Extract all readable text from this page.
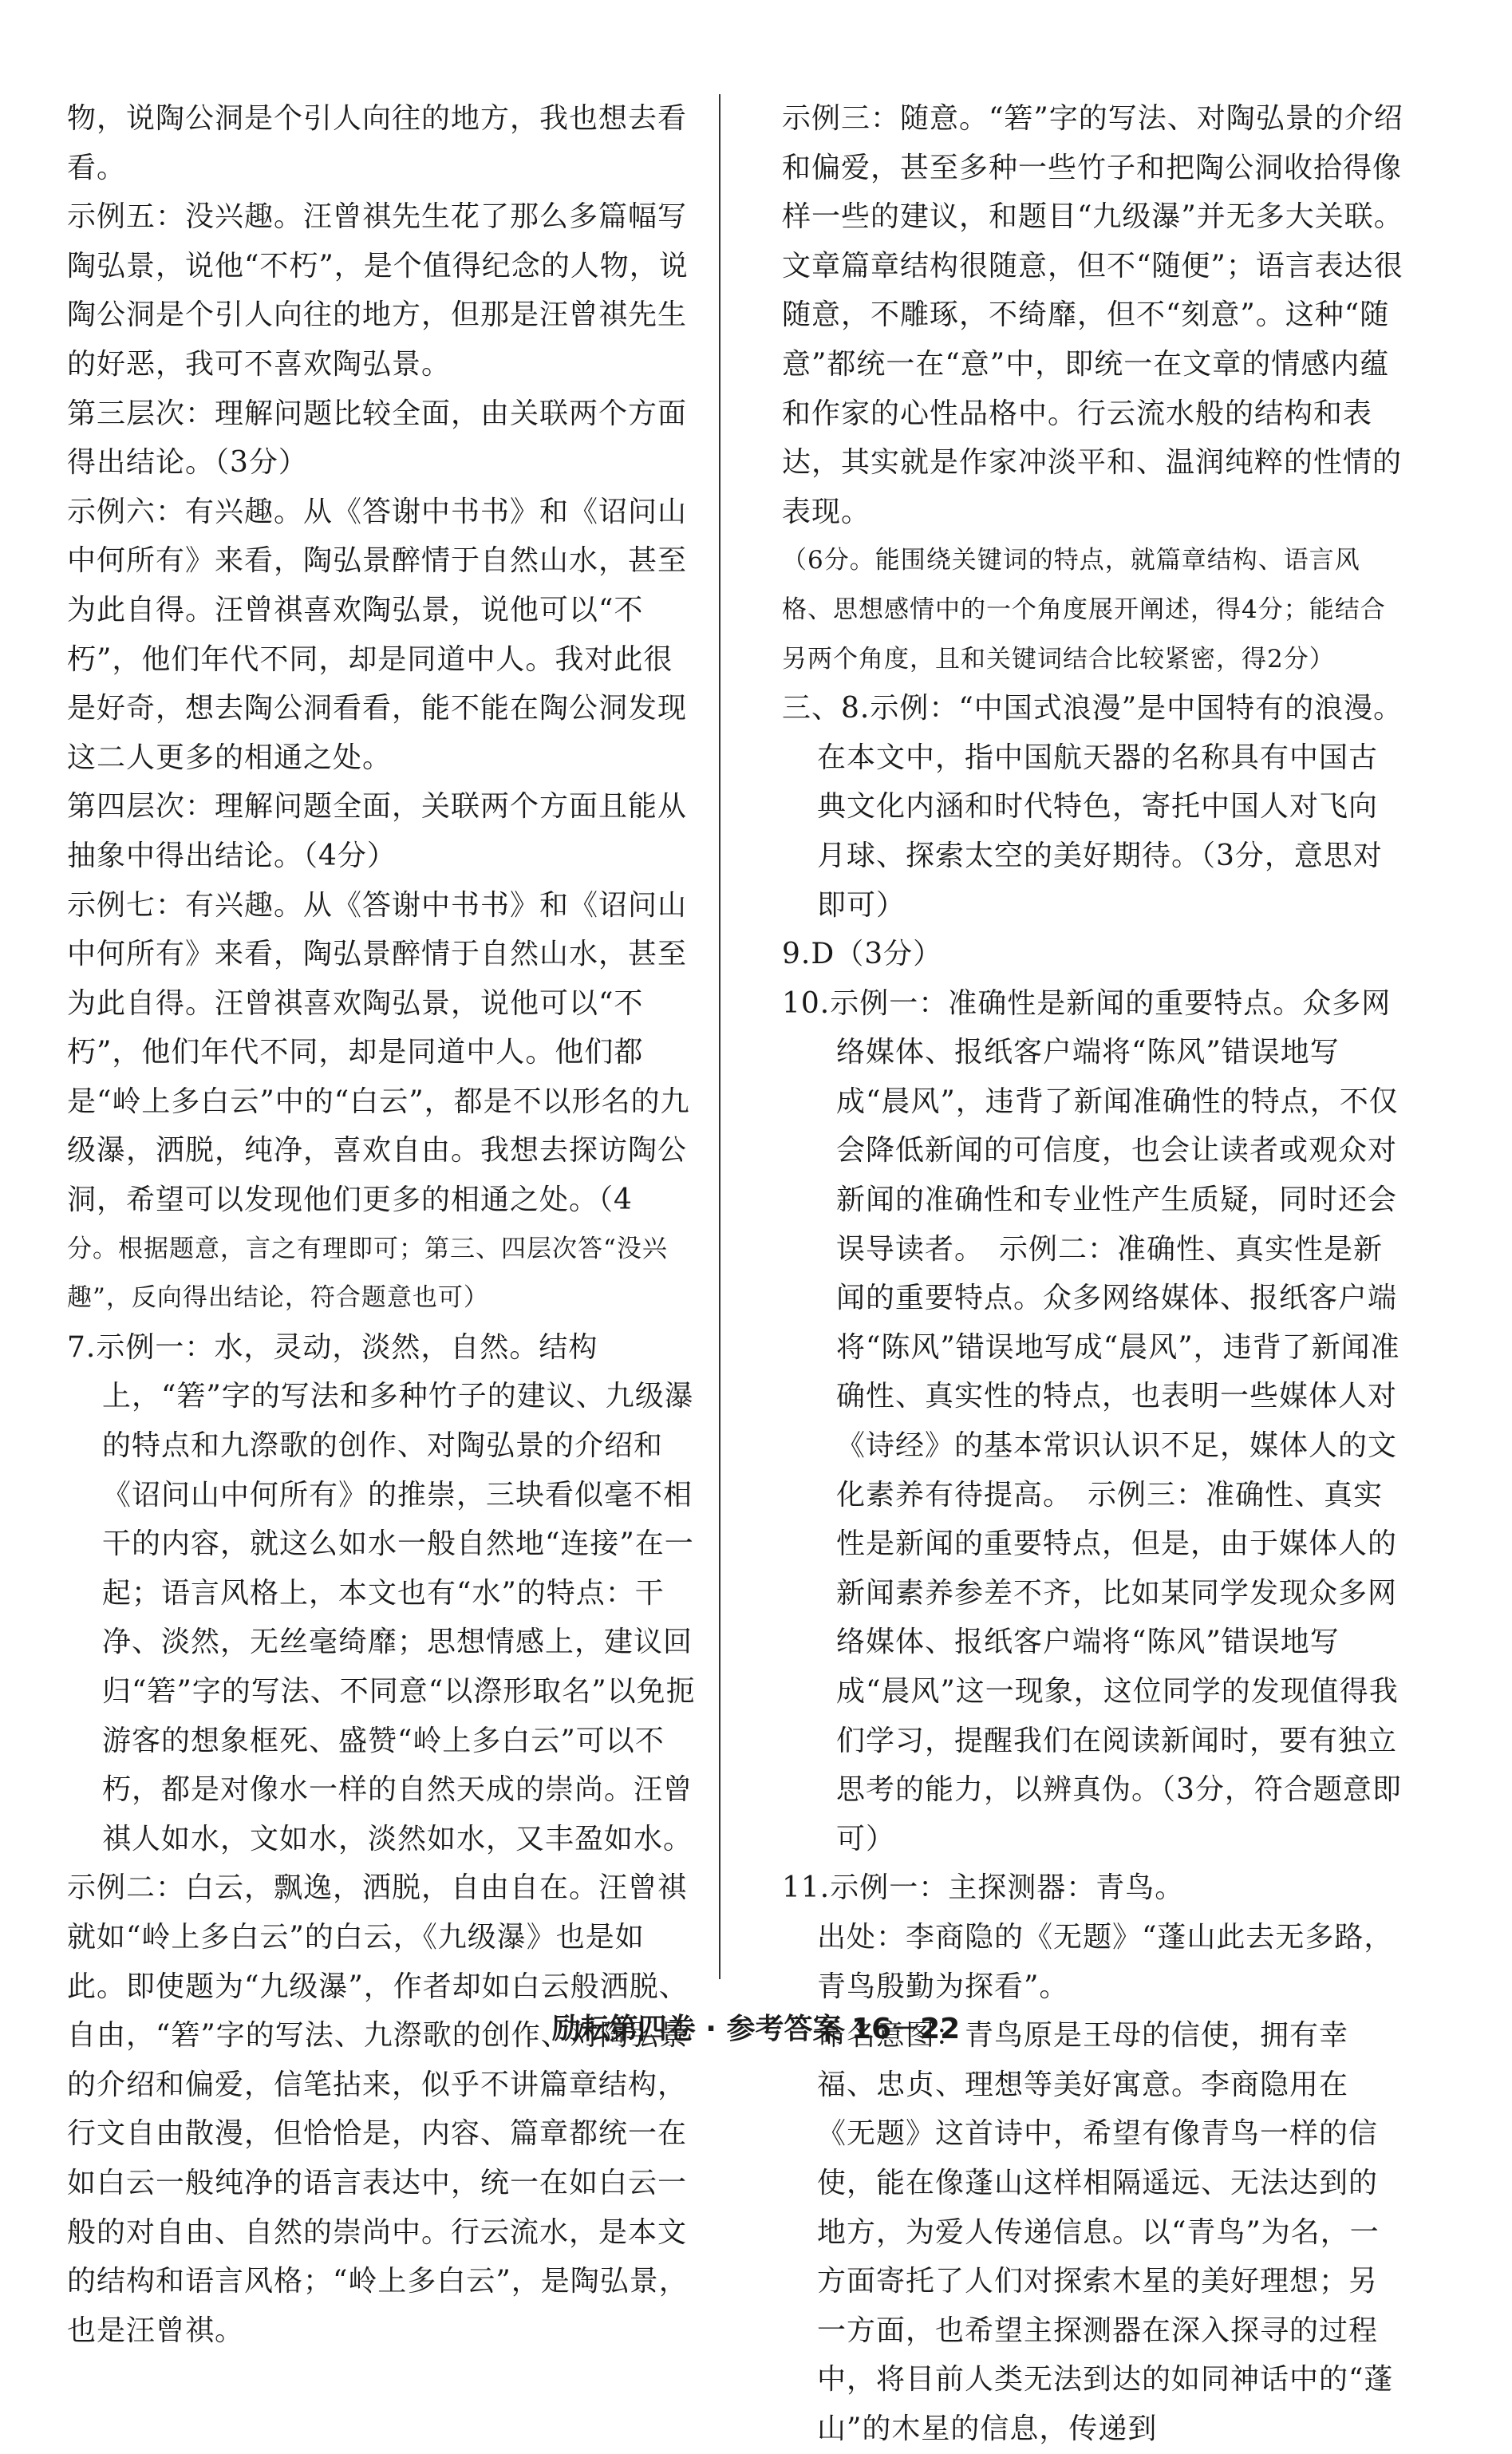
物，说陶公洞是个引人向往的地方，我也想去看看。

示例五：没兴趣。汪曾祺先生花了那么多篇幅写陶弘景，说他“不朽”，是个值得纪念的人物，说陶公洞是个引人向往的地方，但那是汪曾祺先生的好恶，我可不喜欢陶弘景。

第三层次：理解问题比较全面，由关联两个方面得出结论。（3分）

示例六：有兴趣。从《答谢中书书》和《诏问山中何所有》来看，陶弘景醉情于自然山水，甚至为此自得。汪曾祺喜欢陶弘景，说他可以“不朽”，他们年代不同，却是同道中人。我对此很是好奇，想去陶公洞看看，能不能在陶公洞发现这二人更多的相通之处。

第四层次：理解问题全面，关联两个方面且能从抽象中得出结论。（4分）

示例七：有兴趣。从《答谢中书书》和《诏问山中何所有》来看，陶弘景醉情于自然山水，甚至为此自得。汪曾祺喜欢陶弘景，说他可以“不朽”，他们年代不同，却是同道中人。他们都是“岭上多白云”中的“白云”，都是不以形名的九级瀑，洒脱，纯净，喜欢自由。我想去探访陶公洞，希望可以发现他们更多的相通之处。（4

分。根据题意，言之有理即可；第三、四层次答“没兴趣”，反向得出结论，符合题意也可）

7.示例一：水，灵动，淡然，自然。结构上，“箬”字的写法和多种竹子的建议、九级瀑的特点和九漈歌的创作、对陶弘景的介绍和《诏问山中何所有》的推崇，三块看似毫不相干的内容，就这么如水一般自然地“连接”在一起；语言风格上，本文也有“水”的特点：干净、淡然，无丝毫绮靡；思想情感上，建议回归“箬”字的写法、不同意“以漈形取名”以免扼游客的想象框死、盛赞“岭上多白云”可以不朽，都是对像水一样的自然天成的崇尚。汪曾祺人如水，文如水，淡然如水，又丰盈如水。

示例二：白云，飘逸，洒脱，自由自在。汪曾祺就如“岭上多白云”的白云，《九级瀑》也是如此。即使题为“九级瀑”，作者却如白云般洒脱、自由，“箬”字的写法、九漈歌的创作、对陶弘景的介绍和偏爱，信笔拈来，似乎不讲篇章结构，行文自由散漫，但恰恰是，内容、篇章都统一在如白云一般纯净的语言表达中，统一在如白云一般的对自由、自然的崇尚中。行云流水，是本文的结构和语言风格；“岭上多白云”，是陶弘景，也是汪曾祺。

示例三：随意。“箬”字的写法、对陶弘景的介绍和偏爱，甚至多种一些竹子和把陶公洞收拾得像样一些的建议，和题目“九级瀑”并无多大关联。文章篇章结构很随意，但不“随便”；语言表达很随意，不雕琢，不绮靡，但不“刻意”。这种“随意”都统一在“意”中，即统一在文章的情感内蕴和作家的心性品格中。行云流水般的结构和表达，其实就是作家冲淡平和、温润纯粹的性情的表现。

（6分。能围绕关键词的特点，就篇章结构、语言风格、思想感情中的一个角度展开阐述，得4分；能结合另两个角度，且和关键词结合比较紧密，得2分）

三、8.示例：“中国式浪漫”是中国特有的浪漫。在本文中，指中国航天器的名称具有中国古典文化内涵和时代特色，寄托中国人对飞向月球、探索太空的美好期待。（3分，意思对即可）

9.D（3分）

10.示例一：准确性是新闻的重要特点。众多网络媒体、报纸客户端将“陈风”错误地写成“晨风”，违背了新闻准确性的特点，不仅会降低新闻的可信度，也会让读者或观众对新闻的准确性和专业性产生质疑，同时还会误导读者。　示例二：准确性、真实性是新闻的重要特点。众多网络媒体、报纸客户端将“陈风”错误地写成“晨风”，违背了新闻准确性、真实性的特点，也表明一些媒体人对《诗经》的基本常识认识不足，媒体人的文化素养有待提高。　示例三：准确性、真实性是新闻的重要特点，但是，由于媒体人的新闻素养参差不齐，比如某同学发现众多网络媒体、报纸客户端将“陈风”错误地写成“晨风”这一现象，这位同学的发现值得我们学习，提醒我们在阅读新闻时，要有独立思考的能力，以辨真伪。（3分，符合题意即可）

11.示例一：主探测器：青鸟。

出处：李商隐的《无题》“蓬山此去无多路，青鸟殷勤为探看”。

命名意图：青鸟原是王母的信使，拥有幸福、忠贞、理想等美好寓意。李商隐用在《无题》这首诗中，希望有像青鸟一样的信使，能在像蓬山这样相隔遥远、无法达到的地方，为爱人传递信息。以“青鸟”为名，一方面寄托了人们对探索木星的美好理想；另一方面，也希望主探测器在深入探寻的过程中，将目前人类无法到达的如同神话中的“蓬山”的木星的信息，传递到

励耘第四卷 · 参考答案 16－22
